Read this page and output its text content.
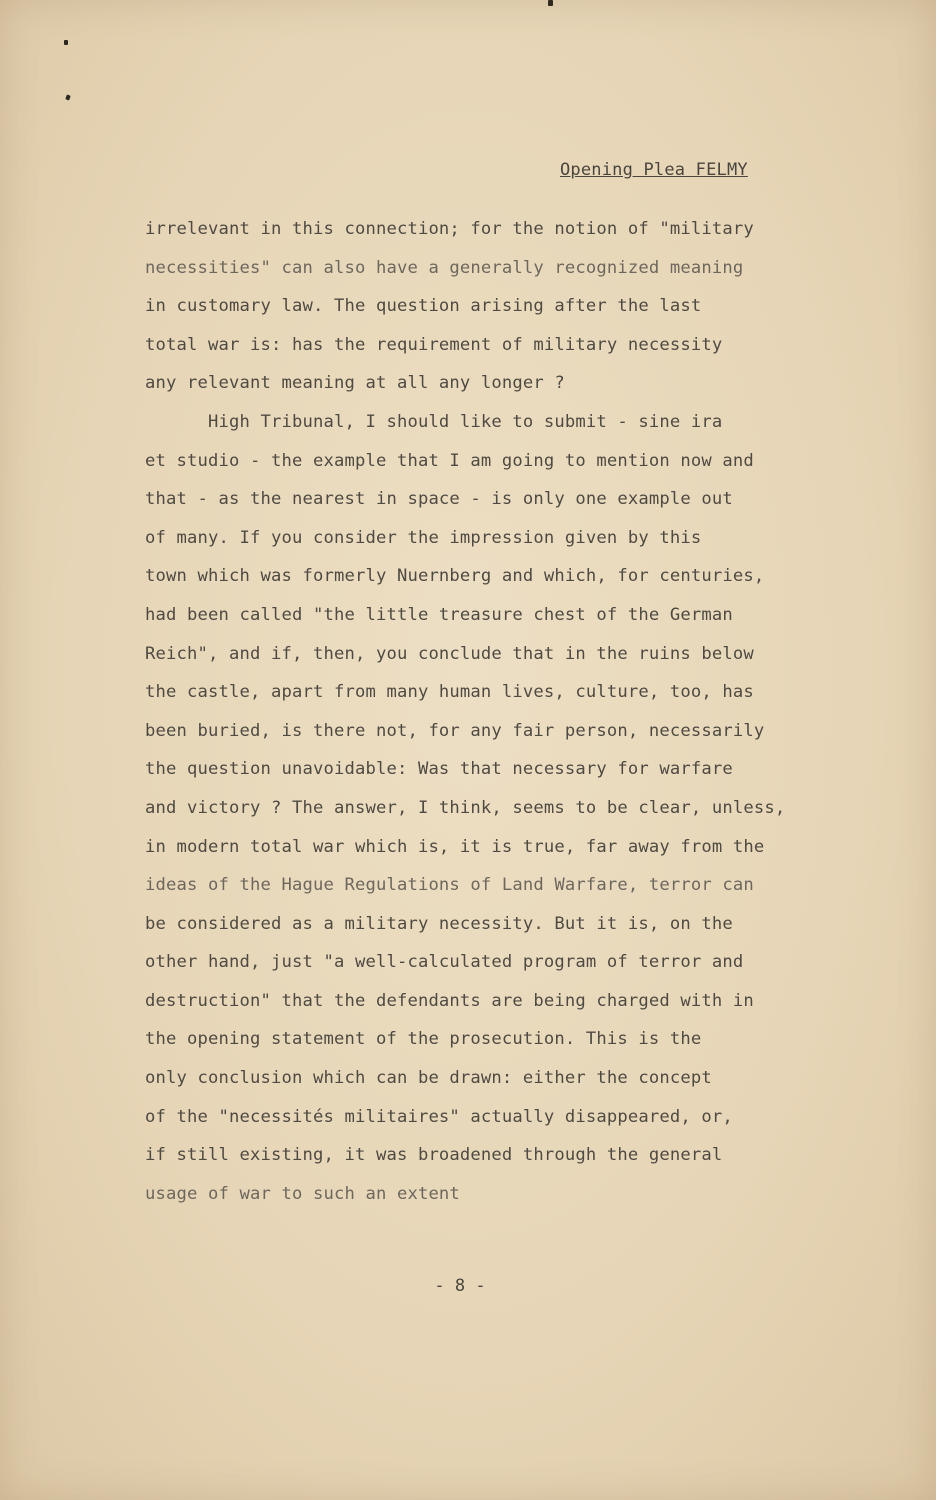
Opening Plea FELMY
irrelevant in this connection; for the notion of "military
necessities" can also have a generally recognized meaning
in customary law. The question arising after the last
total war is: has the requirement of military necessity
any relevant meaning at all any longer ?
High Tribunal, I should like to submit - sine ira
et studio - the example that I am going to mention now and
that - as the nearest in space - is only one example out
of many. If you consider the impression given by this
town which was formerly Nuernberg and which, for centuries,
had been called "the little treasure chest of the German
Reich", and if, then, you conclude that in the ruins below
the castle, apart from many human lives, culture, too, has
been buried, is there not, for any fair person, necessarily
the question unavoidable: Was that necessary for warfare
and victory ? The answer, I think, seems to be clear, unless,
in modern total war which is, it is true, far away from the
ideas of the Hague Regulations of Land Warfare, terror can
be considered as a military necessity. But it is, on the
other hand, just "a well-calculated program of terror and
destruction" that the defendants are being charged with in
the opening statement of the prosecution. This is the
only conclusion which can be drawn: either the concept
of the "necessités militaires" actually disappeared, or,
if still existing, it was broadened through the general
usage of war to such an extent
- 8 -
